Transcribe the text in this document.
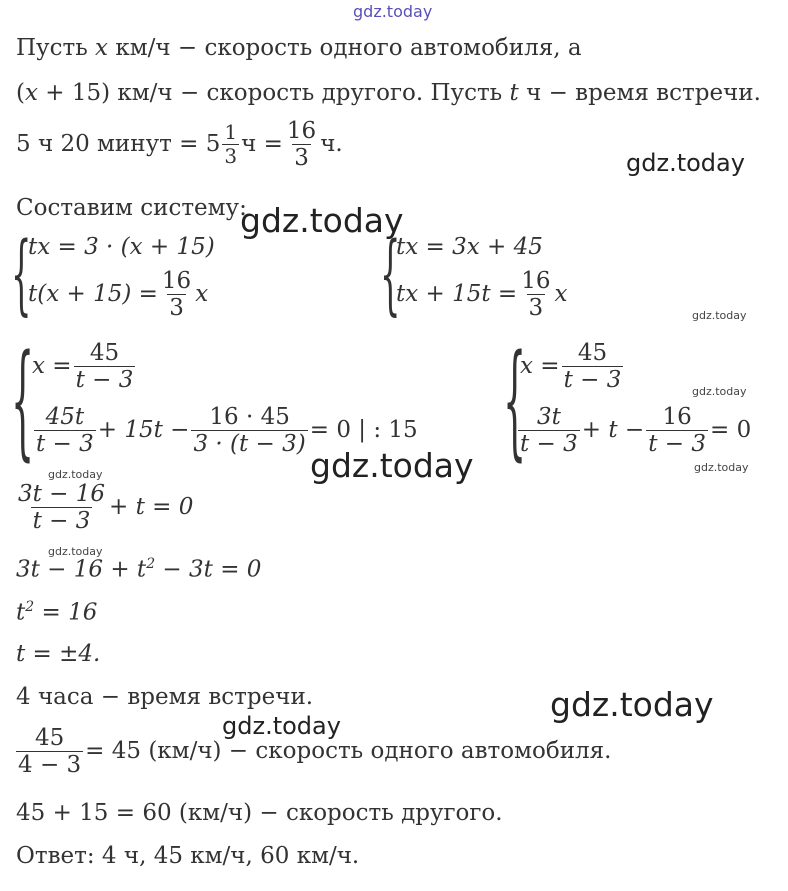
gdz.today
gdz.today
gdz.today
gdz.today
gdz.today
gdz.today	gdz.today
gdz.today
gdz.today
gdz.today
gdz.today
Пусть x км/ч − скорость одного автомобиля, а
(x + 15) км/ч − скорость другого. Пусть t ч − время встречи.
5 ч 20 минут = $5 \frac{1}{3}$ $ч = \frac{16}{3} ч$.
Составим систему:
{
tx = 3 · (x + 15)
$t(x + 15) = \frac{16}{3}$ x	{
tx = 3x + 45
tx + $15t = \frac{16}{3}$ x
{
$x = \frac{45}{t - 3}$
$\frac{45t}{t - 3} + 15t - \frac{16 \cdot 45}{3 \cdot (t - 3)} = 0$ | : 15 {
$x = \frac{45}{t - 3}$
$\frac{3t}{t - 3} + t - \frac{16}{t - 3} = 0$
$\frac{3t - 16}{t - 3} + t = 0$
$3t - 16 + t^2 - 3t = 0$
$t^2 = 16$
t = ±4.
4 часа − время встречи.
$\frac{45}{4 - 3} = 45$ (км/ч) − скорость одного автомобиля.
45 + 15 = 60 (км/ч) − скорость другого.
Ответ: 4 ч, 45 км/ч, 60 км/ч.
